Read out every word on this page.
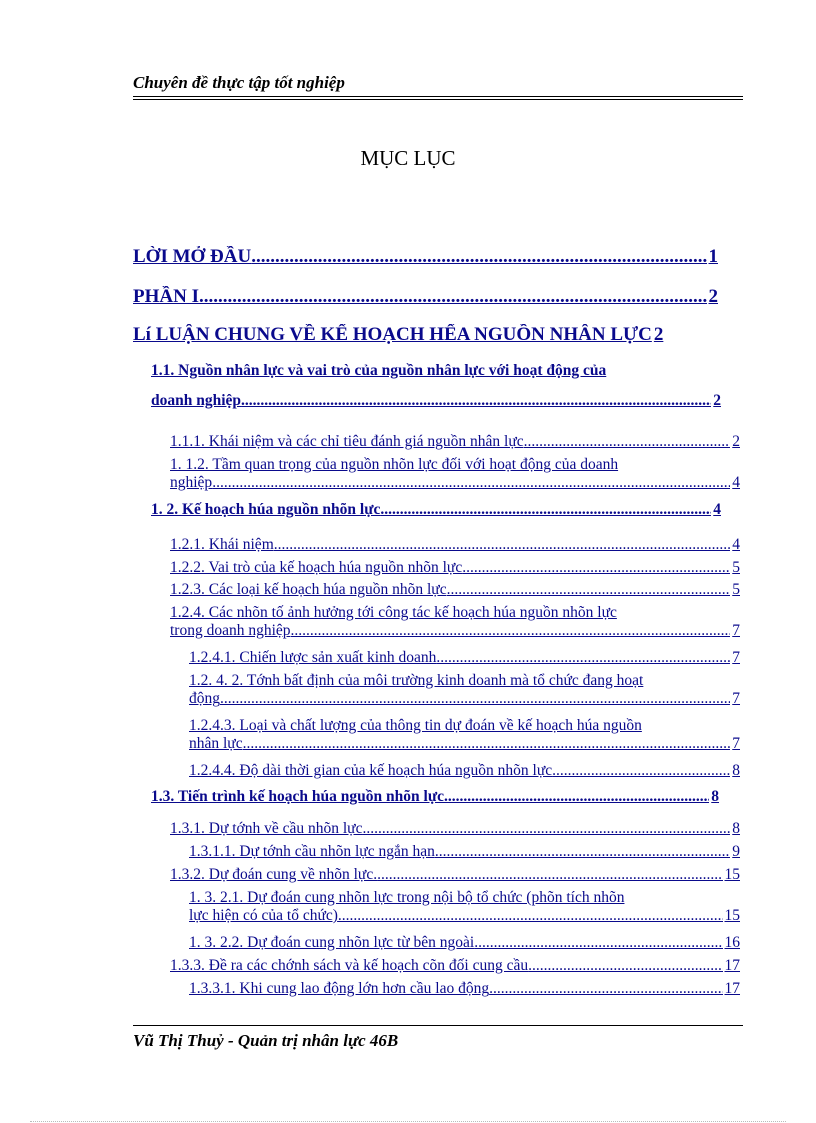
Chuyên đề thực tập tốt nghiệp
MỤC LỤC
LỜI MỞ ĐẦU .....	1
PHẦN I .....	2
Lí LUẬN CHUNG VỀ KẾ HOẠCH HẾA NGUỒN NHÂN LỰC 2
1.1. Nguồn nhân lực và vai trò của nguồn nhân lực với hoạt động của
doanh nghiệp .....	2
1.1.1. Khái niệm và các chỉ tiêu đánh giá nguồn nhân lực .....	2
1. 1.2. Tầm quan trọng của nguồn nhõn lực đối với hoạt động của doanh
nghiệp .....	4
1. 2. Kế hoạch húa nguồn nhõn lực .....	4
1.2.1. Khái niệm .....	4
1.2.2. Vai trò của kế hoạch húa nguồn nhõn lực .....	5
1.2.3. Các loại kế hoạch húa nguồn nhõn lực .....	5
1.2.4. Các nhõn tố ảnh hưởng tới công tác kế hoạch húa nguồn nhõn lực
trong doanh nghiệp .....	7
1.2.4.1. Chiến lược sản xuất kinh doanh .....	7
1.2. 4. 2. Tớnh bất định của môi trường kinh doanh mà tổ chức đang hoạt
động .....	7
1.2.4.3. Loại và chất lượng của thông tin dự đoán về kế hoạch húa nguồn
nhân lực .....	7
1.2.4.4. Độ dài thời gian của kế hoạch húa nguồn nhõn lực .....	8
1.3. Tiến trình kế hoạch húa nguồn nhõn lực .....	8
1.3.1. Dự tớnh về cầu nhõn lực .....	8
1.3.1.1. Dự tớnh cầu nhõn lực ngắn hạn .....	9
1.3.2. Dự đoán cung về nhõn lực. .....	15
1. 3. 2.1. Dự đoán cung nhõn lực trong nội bộ tổ chức (phõn tích nhõn
lực hiện có của tổ chức) .....	15
1. 3. 2.2. Dự đoán cung nhõn lực từ bên ngoài .....	16
1.3.3. Đề ra các chớnh sách và kế hoạch cõn đối cung cầu .....	17
1.3.3.1. Khi cung lao động lớn hơn cầu lao động .....	17
Vũ Thị Thuỷ - Quản trị nhân lực 46B
